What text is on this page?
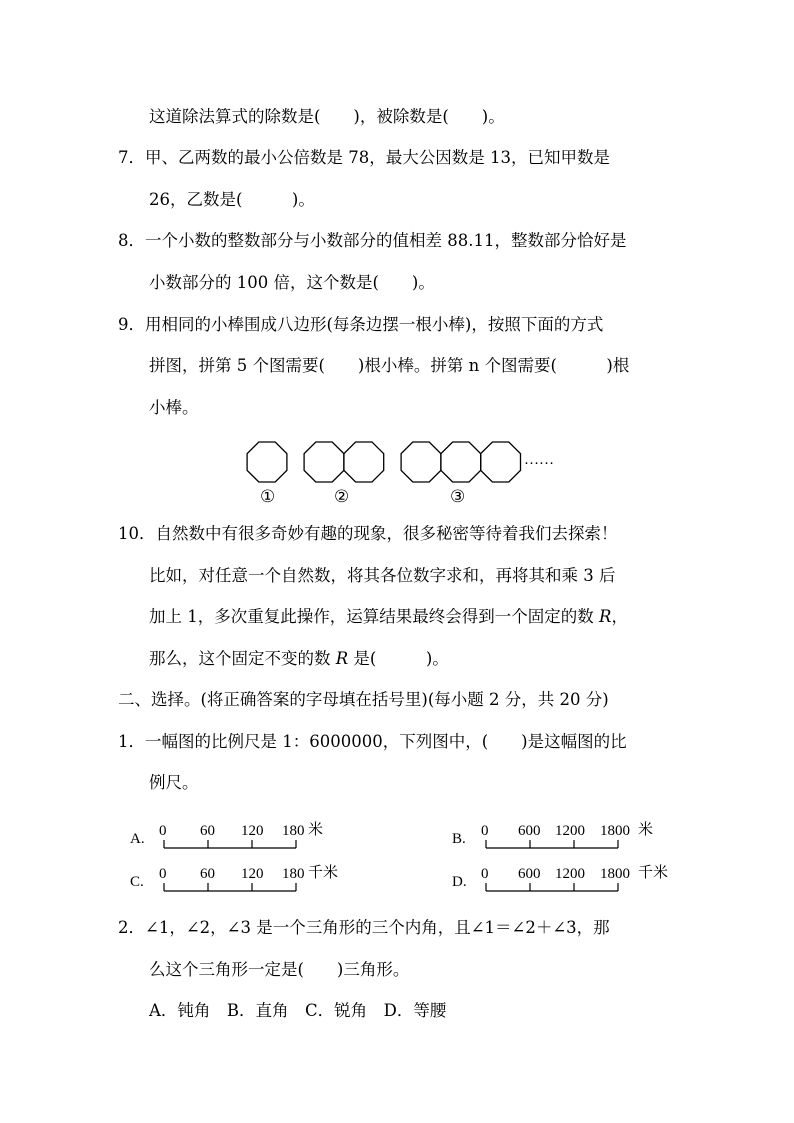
这道除法算式的除数是(　　)，被除数是(　　)。
7．甲、乙两数的最小公倍数是 78，最大公因数是 13，已知甲数是
26，乙数是(　　　)。
8．一个小数的整数部分与小数部分的值相差 88.11，整数部分恰好是
小数部分的 100 倍，这个数是(　　)。
9．用相同的小棒围成八边形(每条边摆一根小棒)，按照下面的方式
拼图，拼第 5 个图需要(　　)根小棒。拼第 n 个图需要(　　　)根
小棒。
……
①	②	③
10．自然数中有很多奇妙有趣的现象，很多秘密等待着我们去探索！
比如，对任意一个自然数，将其各位数字求和，再将其和乘 3 后
加上 1，多次重复此操作，运算结果最终会得到一个固定的数 R，
那么，这个固定不变的数 R 是(　　　)。
二、选择。(将正确答案的字母填在括号里)(每小题 2 分，共 20 分)
1．一幅图的比例尺是 1：6000000，下列图中，(　　)是这幅图的比
例尺。
A. 0 60 120 180 米
B. 0 600 1200 1800 米
C. 0 60 120 180 千米
D. 0 600 1200 1800 千米
2．∠1，∠2，∠3 是一个三角形的三个内角，且∠1＝∠2＋∠3，那
么这个三角形一定是(　　)三角形。
A．钝角　B．直角　C．锐角　D．等腰
